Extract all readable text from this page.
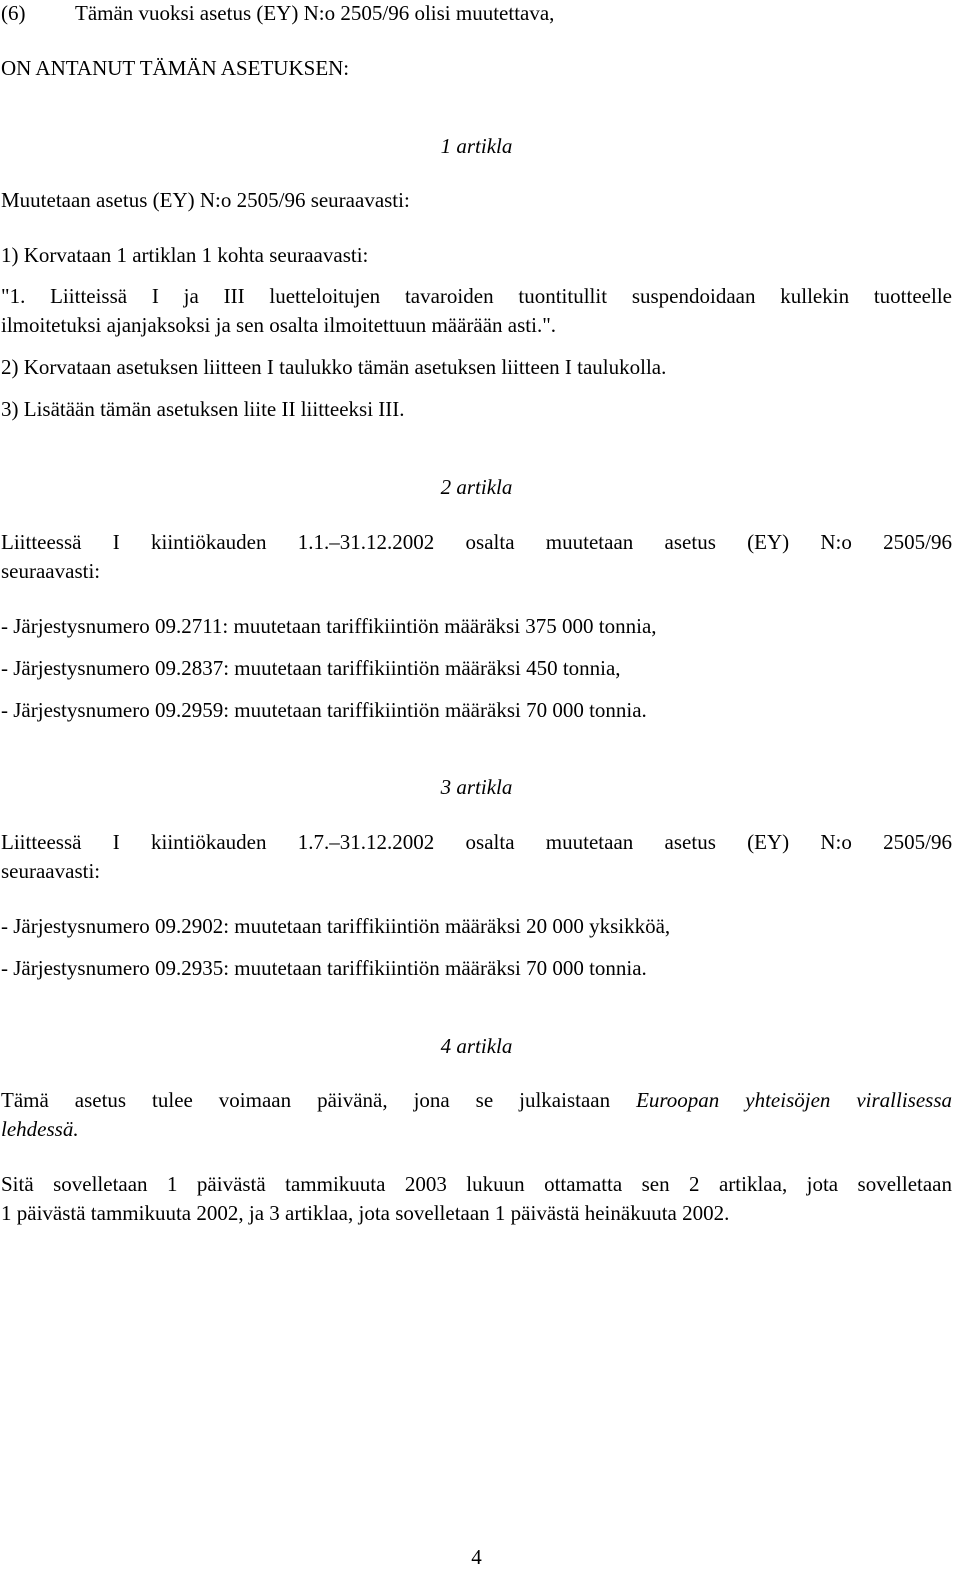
(6) Tämän vuoksi asetus (EY) N:o 2505/96 olisi muutettava,
ON ANTANUT TÄMÄN ASETUKSEN:
1 artikla
Muutetaan asetus (EY) N:o 2505/96 seuraavasti:
1) Korvataan 1 artiklan 1 kohta seuraavasti:
"1. Liitteissä I ja III luetteloitujen tavaroiden tuontitullit suspendoidaan kullekin tuotteelle
ilmoitetuksi ajanjaksoksi ja sen osalta ilmoitettuun määrään asti.".
2) Korvataan asetuksen liitteen I taulukko tämän asetuksen liitteen I taulukolla.
3) Lisätään tämän asetuksen liite II liitteeksi III.
2 artikla
Liitteessä I kiintiökauden 1.1.–31.12.2002 osalta muutetaan asetus (EY) N:o 2505/96
seuraavasti:
- Järjestysnumero 09.2711: muutetaan tariffikiintiön määräksi 375 000 tonnia,
- Järjestysnumero 09.2837: muutetaan tariffikiintiön määräksi 450 tonnia,
- Järjestysnumero 09.2959: muutetaan tariffikiintiön määräksi 70 000 tonnia.
3 artikla
Liitteessä I kiintiökauden 1.7.–31.12.2002 osalta muutetaan asetus (EY) N:o 2505/96
seuraavasti:
- Järjestysnumero 09.2902: muutetaan tariffikiintiön määräksi 20 000 yksikköä,
- Järjestysnumero 09.2935: muutetaan tariffikiintiön määräksi 70 000 tonnia.
4 artikla
Tämä asetus tulee voimaan päivänä, jona se julkaistaan Euroopan yhteisöjen virallisessa
lehdessä.
Sitä sovelletaan 1 päivästä tammikuuta 2003 lukuun ottamatta sen 2 artiklaa, jota sovelletaan
1 päivästä tammikuuta 2002, ja 3 artiklaa, jota sovelletaan 1 päivästä heinäkuuta 2002.
4
